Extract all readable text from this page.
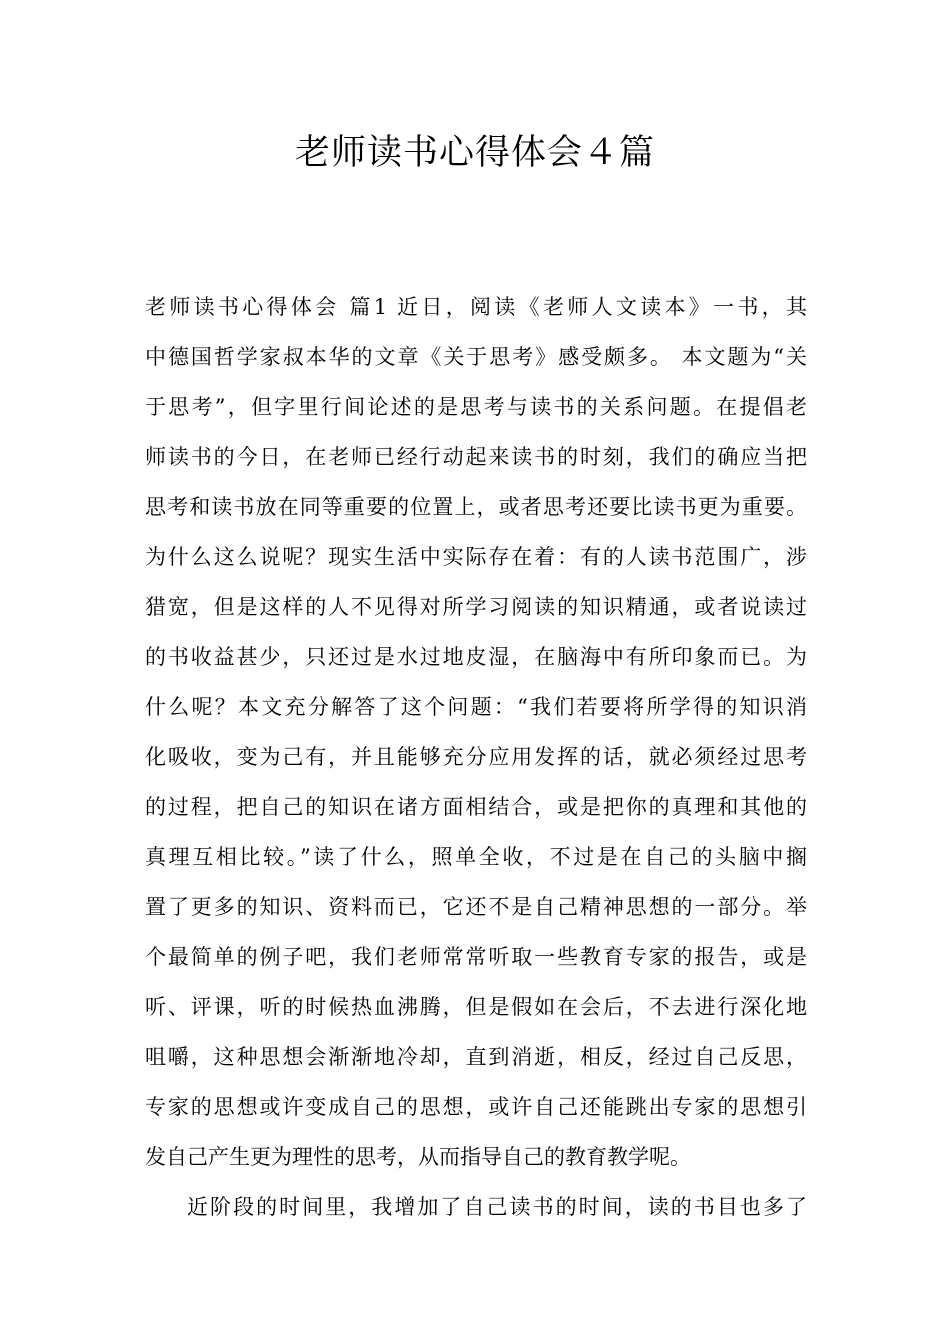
老师读书心得体会４篇
老师读书心得体会 篇1 近日，阅读《老师人文读本》一书，其
中德国哲学家叔本华的文章《关于思考》感受颇多。 本文题为“关
于思考”，但字里行间论述的是思考与读书的关系问题。在提倡老
师读书的今日，在老师已经行动起来读书的时刻，我们的确应当把
思考和读书放在同等重要的位置上，或者思考还要比读书更为重要。
为什么这么说呢？现实生活中实际存在着：有的人读书范围广，涉
猎宽，但是这样的人不见得对所学习阅读的知识精通，或者说读过
的书收益甚少，只还过是水过地皮湿，在脑海中有所印象而已。为
什么呢？本文充分解答了这个问题：“我们若要将所学得的知识消
化吸收，变为己有，并且能够充分应用发挥的话，就必须经过思考
的过程，把自己的知识在诸方面相结合，或是把你的真理和其他的
真理互相比较。”读了什么，照单全收，不过是在自己的头脑中搁
置了更多的知识、资料而已，它还不是自己精神思想的一部分。举
个最简单的例子吧，我们老师常常听取一些教育专家的报告，或是
听、评课，听的时候热血沸腾，但是假如在会后，不去进行深化地
咀嚼，这种思想会渐渐地冷却，直到消逝，相反，经过自己反思，
专家的思想或许变成自己的思想，或许自己还能跳出专家的思想引
发自己产生更为理性的思考，从而指导自己的教育教学呢。
近阶段的时间里，我增加了自己读书的时间，读的书目也多了
